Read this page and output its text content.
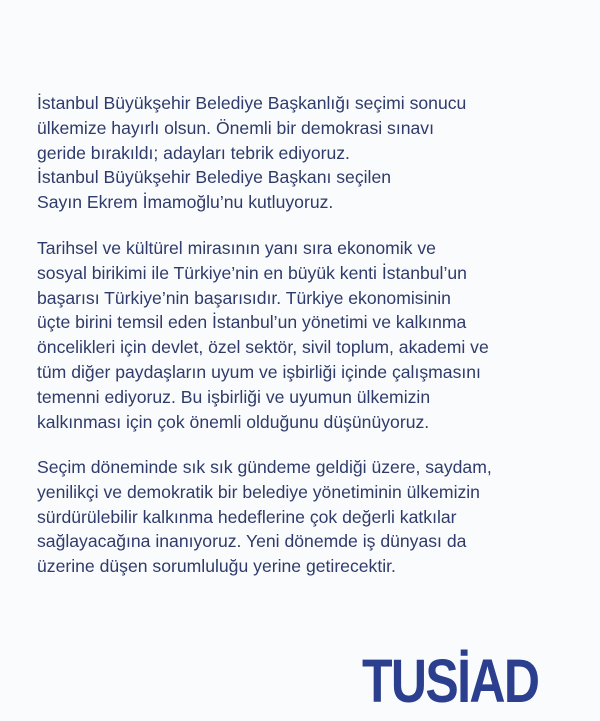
İstanbul Büyükşehir Belediye Başkanlığı seçimi sonucu
ülkemize hayırlı olsun. Önemli bir demokrasi sınavı
geride bırakıldı; adayları tebrik ediyoruz.
İstanbul Büyükşehir Belediye Başkanı seçilen
Sayın Ekrem İmamoğlu’nu kutluyoruz.
Tarihsel ve kültürel mirasının yanı sıra ekonomik ve
sosyal birikimi ile Türkiye’nin en büyük kenti İstanbul’un
başarısı Türkiye’nin başarısıdır. Türkiye ekonomisinin
üçte birini temsil eden İstanbul’un yönetimi ve kalkınma
öncelikleri için devlet, özel sektör, sivil toplum, akademi ve
tüm diğer paydaşların uyum ve işbirliği içinde çalışmasını
temenni ediyoruz. Bu işbirliği ve uyumun ülkemizin
kalkınması için çok önemli olduğunu düşünüyoruz.
Seçim döneminde sık sık gündeme geldiği üzere, saydam,
yenilikçi ve demokratik bir belediye yönetiminin ülkemizin
sürdürülebilir kalkınma hedeflerine çok değerli katkılar
sağlayacağına inanıyoruz. Yeni dönemde iş dünyası da
üzerine düşen sorumluluğu yerine getirecektir.
TUSİAD
